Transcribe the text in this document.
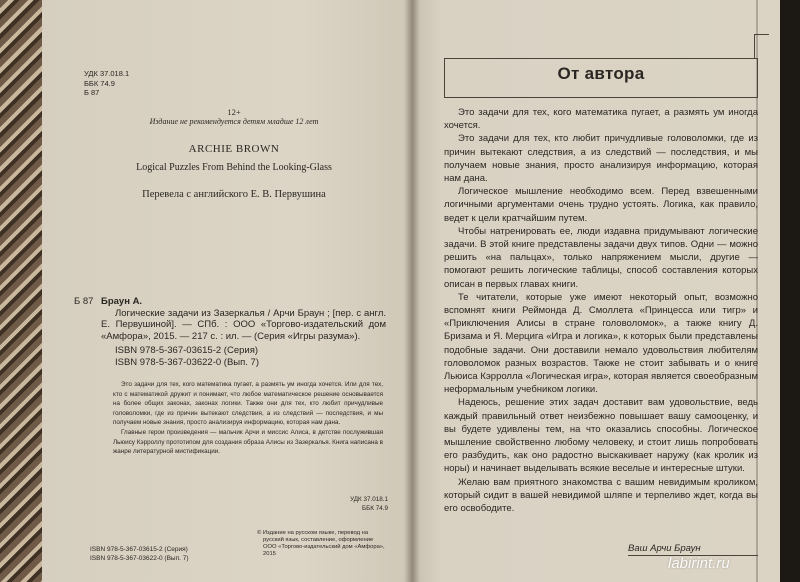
УДК 37.018.1
ББК 74.9
Б 87
12+
Издание не рекомендуется детям младше 12 лет
ARCHIE BROWN
Logical Puzzles From Behind the Looking-Glass
Перевела с английского Е. В. Первушина
Б 87 Браун А.
Логические задачи из Зазеркалья / Арчи Браун ; [пер. с англ. Е. Первушиной]. — СПб. : ООО «Торгово-издательский дом «Амфора», 2015. — 217 с. : ил. — (Серия «Игры разума»).
ISBN 978-5-367-03615-2 (Серия)
ISBN 978-5-367-03622-0 (Вып. 7)

Это задачи для тех, кого математика пугает, а размять ум иногда хочется. Или для тех, кто с математикой дружит и понимает, что любое математическое решение основывается на более общих законах, законах логики. Также они для тех, кто любит причудливые головоломки, где из причин вытекают следствия, а из следствий — последствия, и мы получаем новые знания, просто анализируя информацию, которая нам дана.

Главные герои произведения — мальчик Арчи и миссис Алиса, в детстве послужившая Льюису Кэрроллу прототипом для создания образа Алисы из Зазеркалья. Книга написана в жанре литературной мистификации.

УДК 37.018.1
ББК 74.9

© Издание на русском языке, перевод на русский язык, составление, оформление ООО «Торгово-издательский дом «Амфора», 2015

ISBN 978-5-367-03615-2 (Серия)
ISBN 978-5-367-03622-0 (Вып. 7)
От автора

Это задачи для тех, кого математика пугает, а размять ум иногда хочется.

Это задачи для тех, кто любит причудливые головоломки, где из причин вытекают следствия, а из следствий — последствия, и мы получаем новые знания, просто анализируя информацию, которая нам дана.

Логическое мышление необходимо всем. Перед взвешенными логичными аргументами очень трудно устоять. Логика, как правило, ведет к цели кратчайшим путем.

Чтобы натренировать ее, люди издавна придумывают логические задачи. В этой книге представлены задачи двух типов. Одни — можно решить «на пальцах», только напряжением мысли, другие — помогают решить логические таблицы, способ составления которых описан в первых главах книги.

Те читатели, которые уже имеют некоторый опыт, возможно вспомнят книги Реймонда Д. Смоллета «Принцесса или тигр» и «Приключения Алисы в стране головоломок», а также книгу Д. Бризама и Я. Мерцига «Игра и логика», к которых были представлены подобные задачи. Они доставили немало удовольствия любителям головоломок разных возрастов. Также не стоит забывать и о книге Льюиса Кэрролла «Логическая игра», которая является своеобразным неформальным учебником логики.

Надеюсь, решение этих задач доставит вам удовольствие, ведь каждый правильный ответ неизбежно повышает вашу самооценку, и вы будете удивлены тем, на что оказались способны. Логическое мышление свойственно любому человеку, и стоит лишь попробовать его разбудить, как оно радостно выскакивает наружу (как кролик из норы) и начинает выделывать всякие веселые и интересные штуки.

Желаю вам приятного знакомства с вашим невидимым кроликом, который сидит в вашей невидимой шляпе и терпеливо ждет, когда вы его освободите.

Ваш Арчи Браун
labirint.ru
